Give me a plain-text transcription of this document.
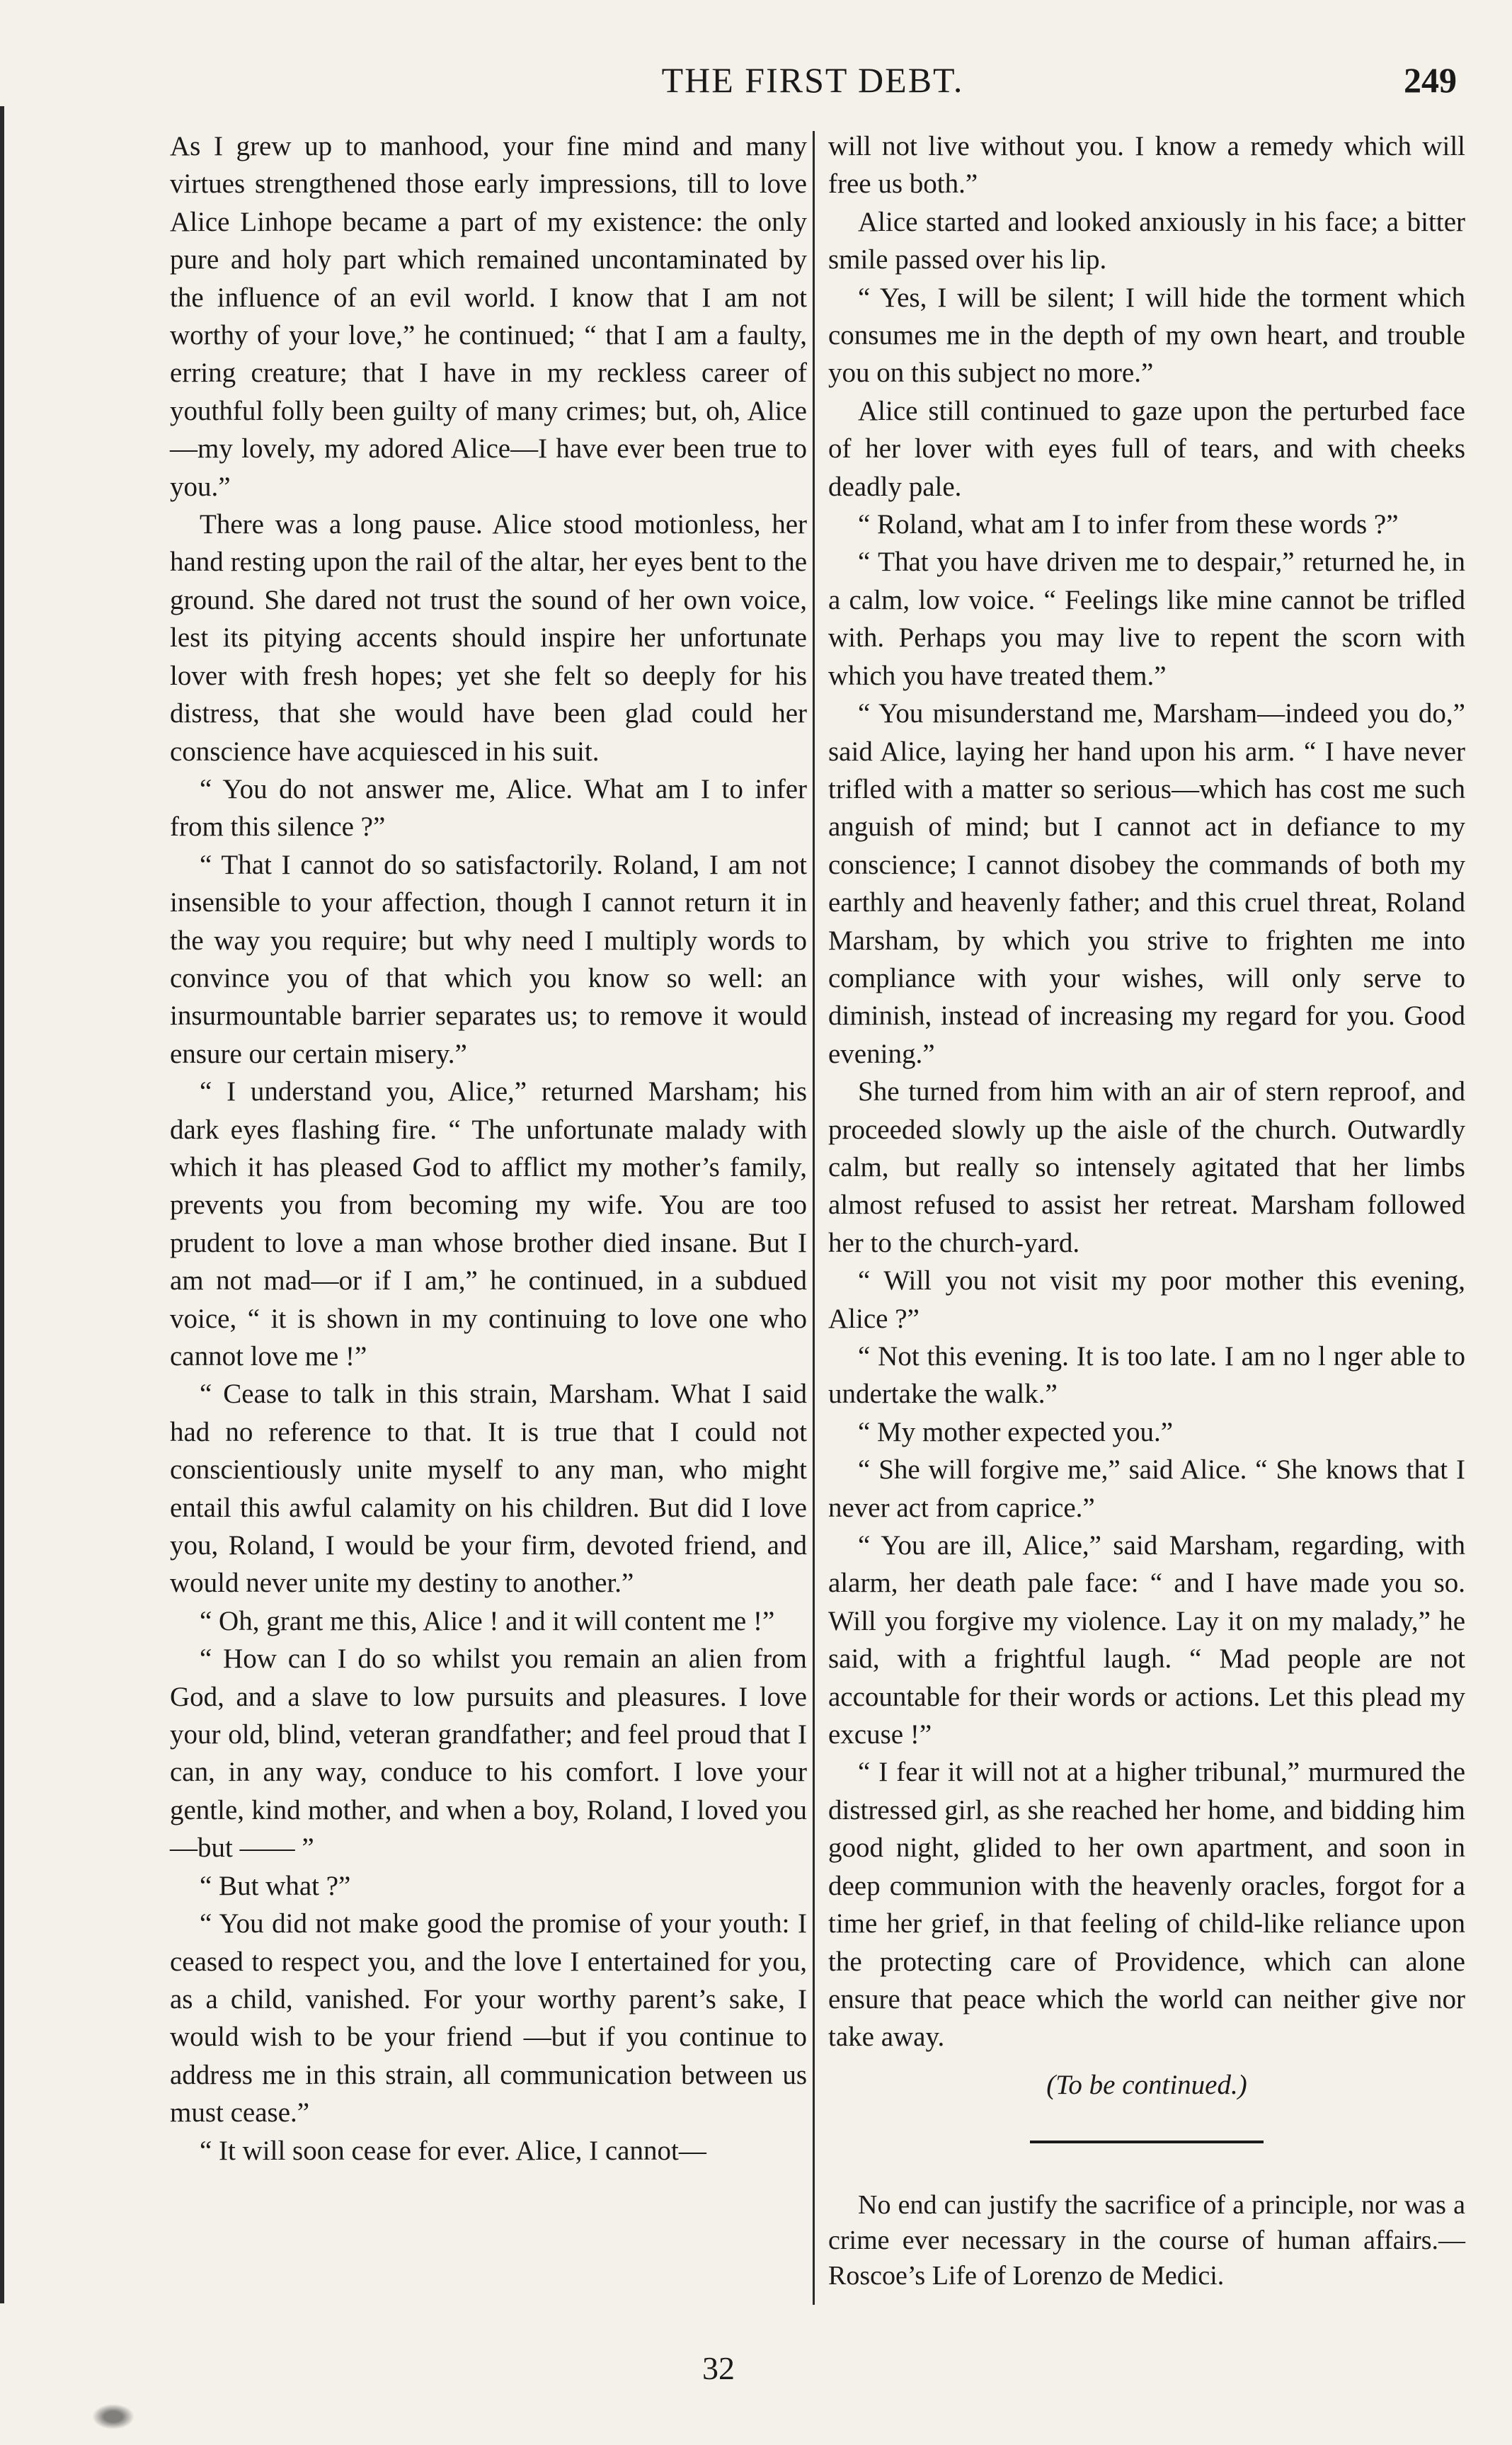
THE FIRST DEBT.	249

As I grew up to manhood, your fine mind and many virtues strengthened those early impressions, till to love Alice Linhope became a part of my existence: the only pure and holy part which remained uncontaminated by the influence of an evil world. I know that I am not worthy of your love,” he continued; “ that I am a faulty, erring creature; that I have in my reckless career of youthful folly been guilty of many crimes; but, oh, Alice—my lovely, my adored Alice—I have ever been true to you.”

There was a long pause. Alice stood motionless, her hand resting upon the rail of the altar, her eyes bent to the ground. She dared not trust the sound of her own voice, lest its pitying accents should inspire her unfortunate lover with fresh hopes; yet she felt so deeply for his distress, that she would have been glad could her conscience have acquiesced in his suit.

“ You do not answer me, Alice. What am I to infer from this silence ?”

“ That I cannot do so satisfactorily. Roland, I am not insensible to your affection, though I cannot return it in the way you require; but why need I multiply words to convince you of that which you know so well: an insurmountable barrier separates us; to remove it would ensure our certain misery.”

“ I understand you, Alice,” returned Marsham; his dark eyes flashing fire. “ The unfortunate malady with which it has pleased God to afflict my mother’s family, prevents you from becoming my wife. You are too prudent to love a man whose brother died insane. But I am not mad—or if I am,” he continued, in a subdued voice, “ it is shown in my continuing to love one who cannot love me !”

“ Cease to talk in this strain, Marsham. What I said had no reference to that. It is true that I could not conscientiously unite myself to any man, who might entail this awful calamity on his children. But did I love you, Roland, I would be your firm, devoted friend, and would never unite my destiny to another.”

“ Oh, grant me this, Alice ! and it will content me !”

“ How can I do so whilst you remain an alien from God, and a slave to low pursuits and pleasures. I love your old, blind, veteran grandfather; and feel proud that I can, in any way, conduce to his comfort. I love your gentle, kind mother, and when a boy, Roland, I loved you—but —— ”

“ But what ?”

“ You did not make good the promise of your youth: I ceased to respect you, and the love I entertained for you, as a child, vanished. For your worthy parent’s sake, I would wish to be your friend —but if you continue to address me in this strain, all communication between us must cease.”

“ It will soon cease for ever. Alice, I cannot—

will not live without you. I know a remedy which will free us both.”

Alice started and looked anxiously in his face; a bitter smile passed over his lip.

“ Yes, I will be silent; I will hide the torment which consumes me in the depth of my own heart, and trouble you on this subject no more.”

Alice still continued to gaze upon the perturbed face of her lover with eyes full of tears, and with cheeks deadly pale.

“ Roland, what am I to infer from these words ?”

“ That you have driven me to despair,” returned he, in a calm, low voice. “ Feelings like mine cannot be trifled with. Perhaps you may live to repent the scorn with which you have treated them.”

“ You misunderstand me, Marsham—indeed you do,” said Alice, laying her hand upon his arm. “ I have never trifled with a matter so serious—which has cost me such anguish of mind; but I cannot act in defiance to my conscience; I cannot disobey the commands of both my earthly and heavenly father; and this cruel threat, Roland Marsham, by which you strive to frighten me into compliance with your wishes, will only serve to diminish, instead of increasing my regard for you. Good evening.”

She turned from him with an air of stern reproof, and proceeded slowly up the aisle of the church. Outwardly calm, but really so intensely agitated that her limbs almost refused to assist her retreat. Marsham followed her to the church-yard.

“ Will you not visit my poor mother this evening, Alice ?”

“ Not this evening. It is too late. I am no l nger able to undertake the walk.”

“ My mother expected you.”

“ She will forgive me,” said Alice. “ She knows that I never act from caprice.”

“ You are ill, Alice,” said Marsham, regarding, with alarm, her death pale face: “ and I have made you so. Will you forgive my violence. Lay it on my malady,” he said, with a frightful laugh. “ Mad people are not accountable for their words or actions. Let this plead my excuse !”

“ I fear it will not at a higher tribunal,” murmured the distressed girl, as she reached her home, and bidding him good night, glided to her own apartment, and soon in deep communion with the heavenly oracles, forgot for a time her grief, in that feeling of child-like reliance upon the protecting care of Providence, which can alone ensure that peace which the world can neither give nor take away.

(To be continued.)

No end can justify the sacrifice of a principle, nor was a crime ever necessary in the course of human affairs.—Roscoe’s Life of Lorenzo de Medici.

32
